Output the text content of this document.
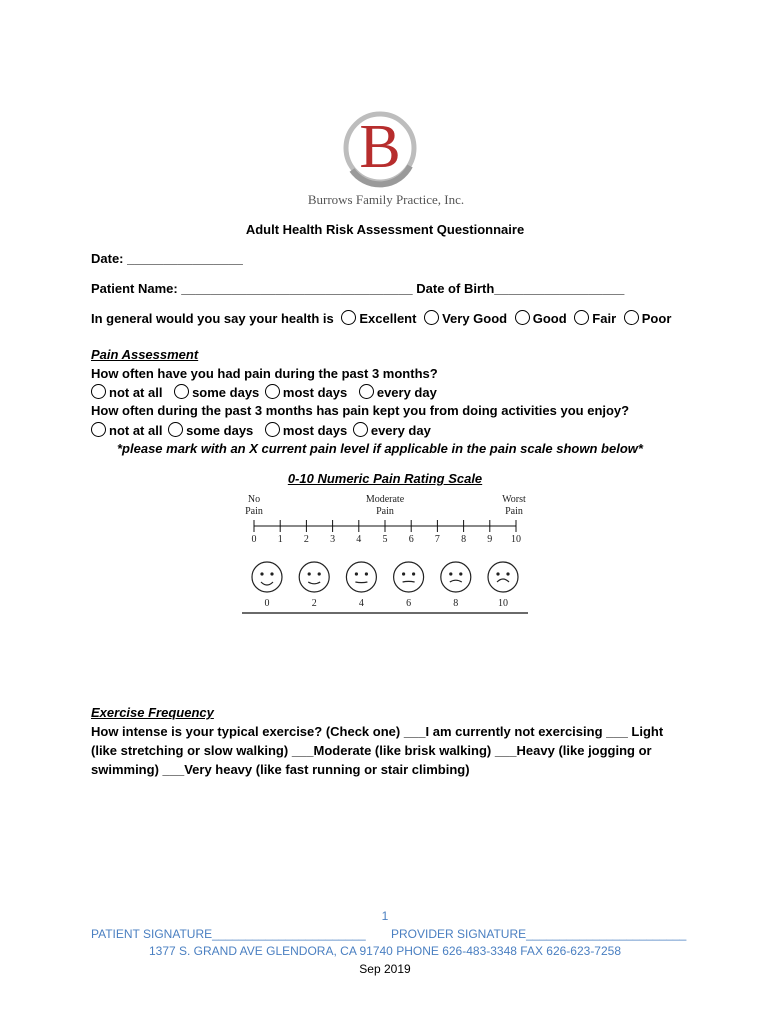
B
Burrows Family Practice, Inc.
Adult Health Risk Assessment Questionnaire
Date: ________________
Patient Name: ________________________________ Date of Birth__________________
In general would you say your health is Excellent Very Good Good Fair Poor
Pain Assessment
How often have you had pain during the past 3 months?
not at all some days most days every day
How often during the past 3 months has pain kept you from doing activities you enjoy?
not at all some days most days every day
*please mark with an X current pain level if applicable in the pain scale shown below*
0-10 Numeric Pain Rating Scale
No
Pain
Moderate
Pain
Worst
Pain
0	1	2	3	4	5	6	7	8	9	10
0	2	4	6	8	10
Exercise Frequency
How intense is your typical exercise? (Check one) ___I am currently not exercising ___ Light
(like stretching or slow walking) ___Moderate (like brisk walking) ___Heavy (like jogging or
swimming) ___Very heavy (like fast running or stair climbing)
1
PATIENT SIGNATURE_______________________ PROVIDER SIGNATURE________________________
1377 S. GRAND AVE GLENDORA, CA 91740 PHONE 626-483-3348 FAX 626-623-7258
Sep 2019
